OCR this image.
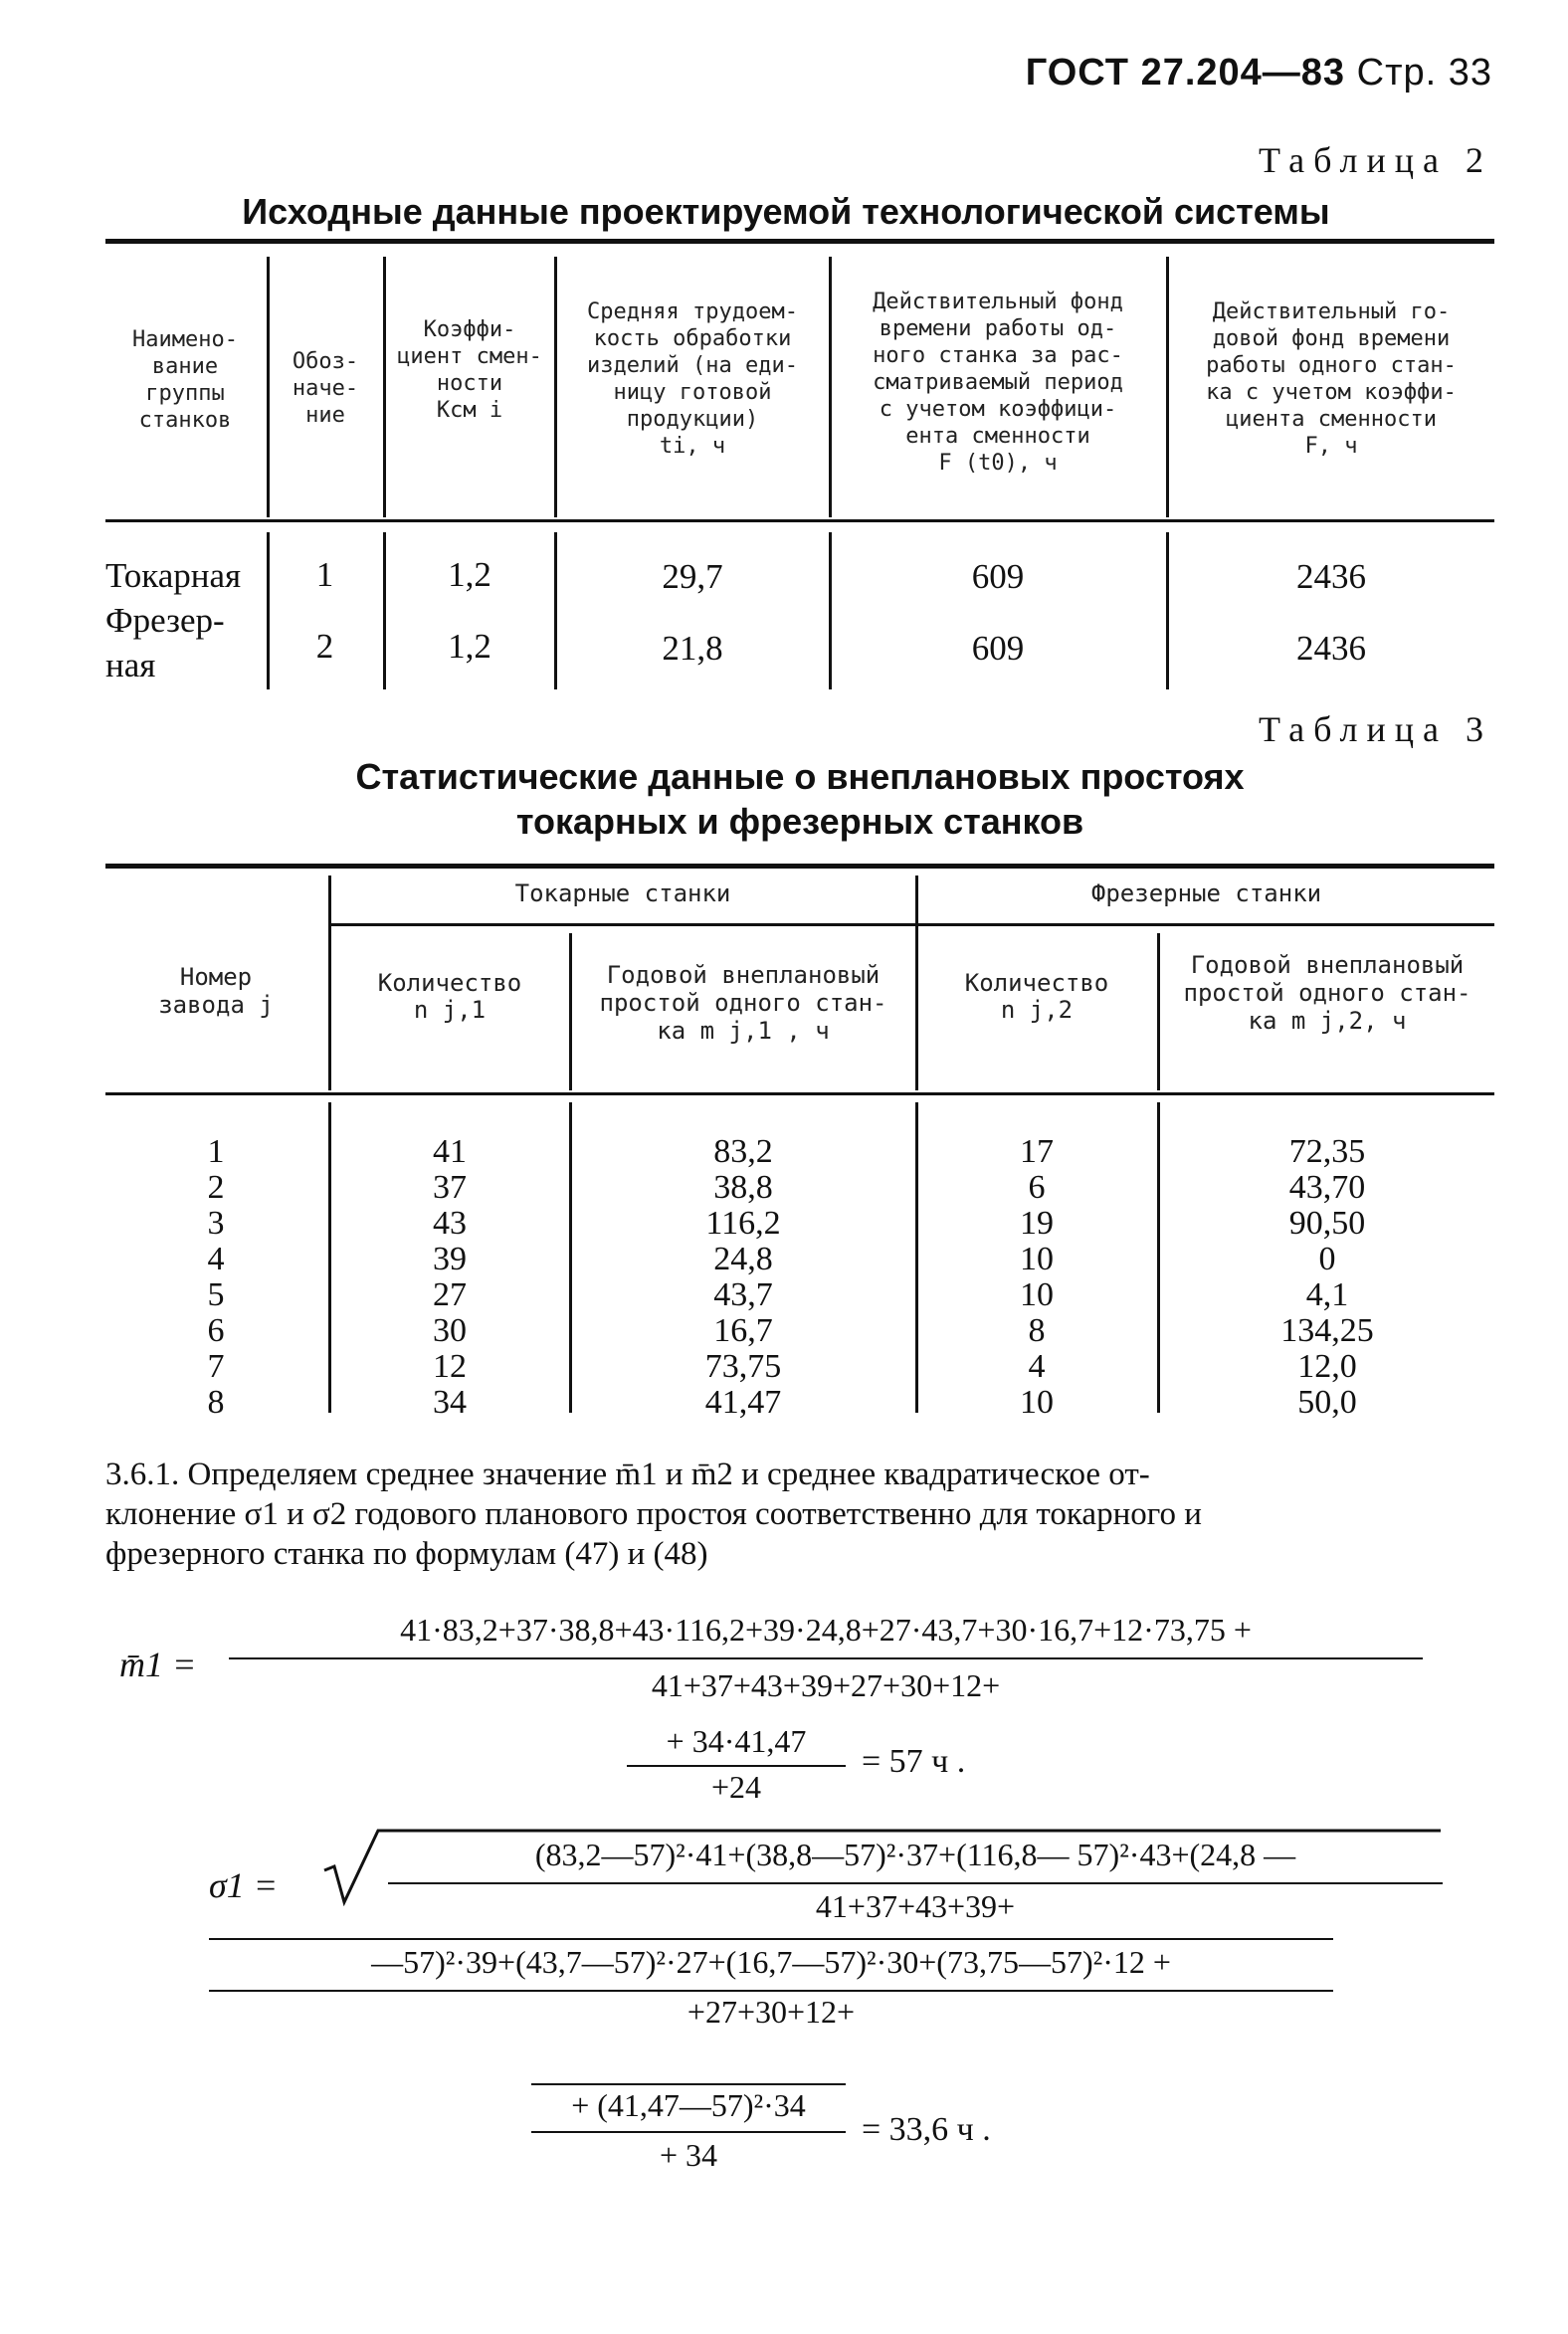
ГОСТ 27.204—83 Стр. 33
Таблица 2
Исходные данные проектируемой технологической системы
Наимено-
вание
группы
станков
Обоз-
наче-
ние
Коэффи-
циент смен-
ности
Kсм i
Средняя трудоем-
кость обработки
изделий (на еди-
ницу готовой
продукции)
ti, ч
Действительный фонд
времени работы од-
ного станка за рас-
сматриваемый период
с учетом коэффици-
ента сменности
F (t0), ч
Действительный го-
довой фонд времени
работы одного стан-
ка с учетом коэффи-
циента сменности
F, ч
Токарная
Фрезер-
ная
1
2
1,2
1,2
29,7
21,8
609
609
2436
2436
Таблица 3
Статистические данные о внеплановых простоях
токарных и фрезерных станков
Токарные станки	Фрезерные станки
Номер
завода j
Количество
n j,1
Годовой внеплановый
простой одного стан-
ка m j,1 , ч
Количество
n j,2
Годовой внеплановый
простой одного стан-
ка m j,2, ч
1
2
3
4
5
6
7
8
41
37
43
39
27
30
12
34
83,2
38,8
116,2
24,8
43,7
16,7
73,75
41,47
17
6
19
10
10
8
4
10
72,35
43,70
90,50
0
4,1
134,25
12,0
50,0
3.6.1. Определяем среднее значение m̄1 и m̄2 и среднее квадратическое от-
клонение σ1 и σ2 годового планового простоя соответственно для токарного и
фрезерного станка по формулам (47) и (48)
m̄1 =
41·83,2+37·38,8+43·116,2+39·24,8+27·43,7+30·16,7+12·73,75 +
41+37+43+39+27+30+12+
+ 34·41,47
+24
= 57 ч .
σ1 =
(83,2—57)²·41+(38,8—57)²·37+(116,8— 57)²·43+(24,8 —
41+37+43+39+
—57)²·39+(43,7—57)²·27+(16,7—57)²·30+(73,75—57)²·12 +
+27+30+12+
+ (41,47—57)²·34
+ 34
= 33,6 ч .
